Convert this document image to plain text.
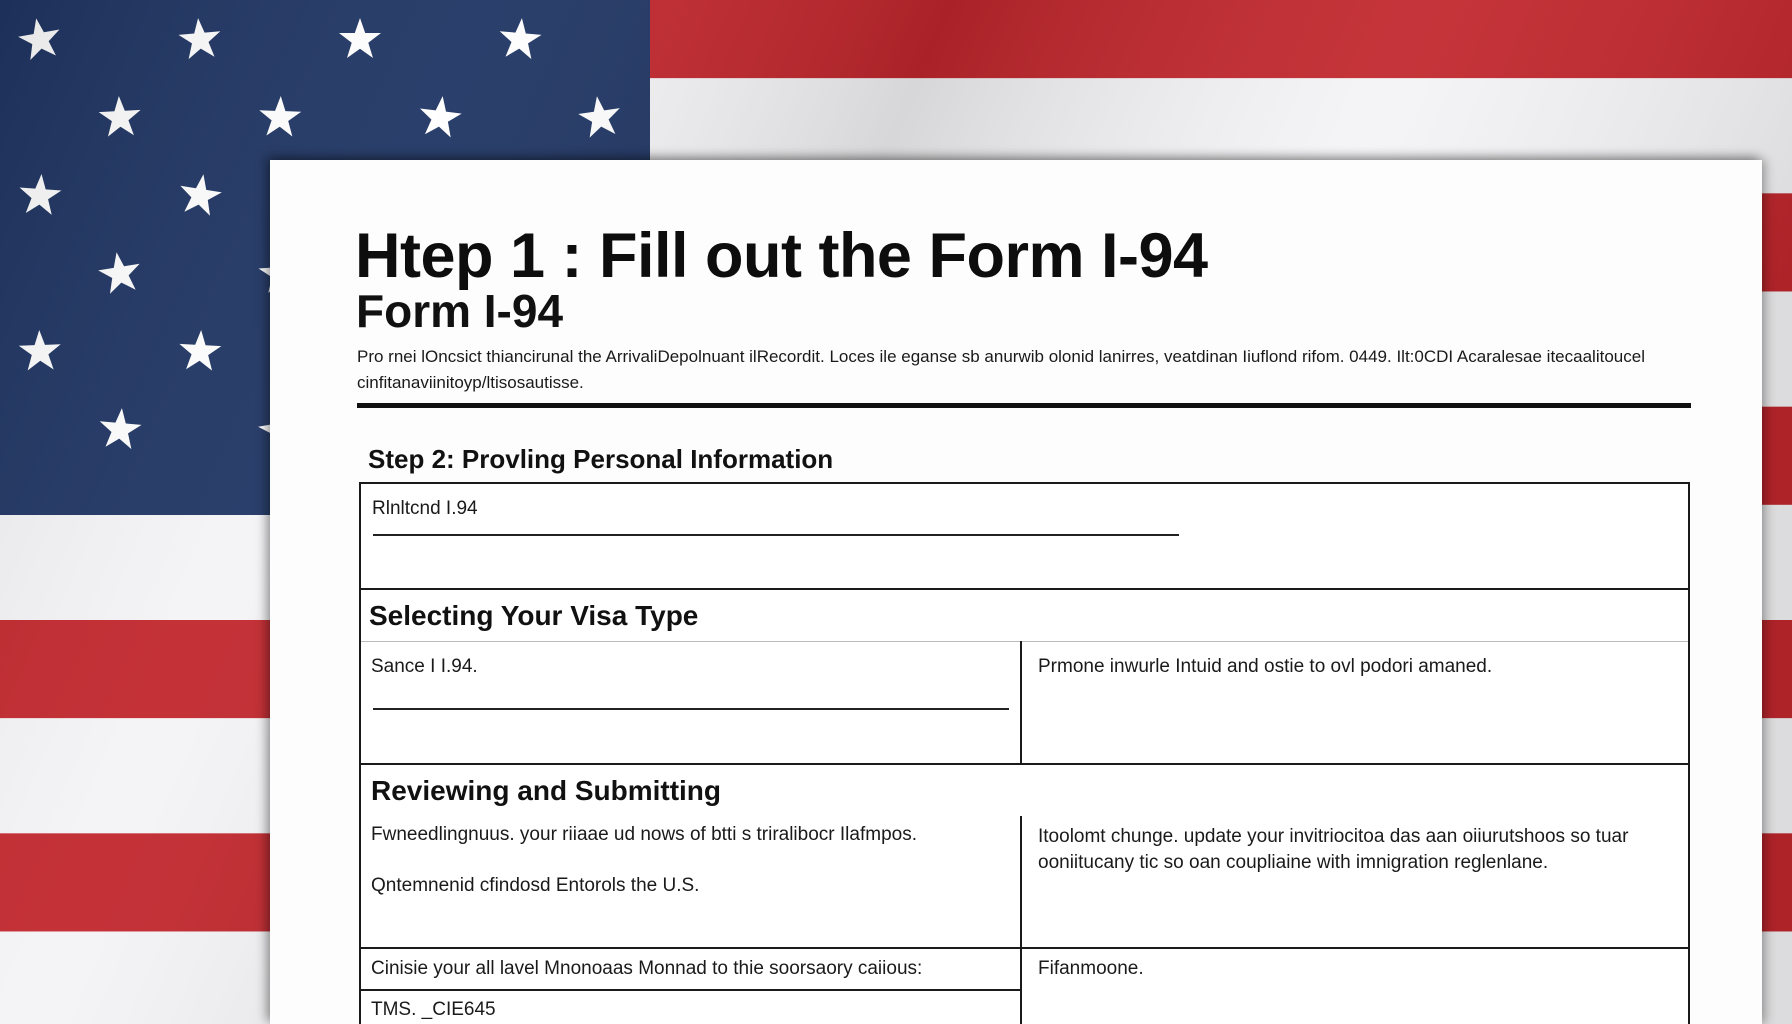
Htep 1 : Fill out the Form I-94
Form I-94
Pro rnei lOncsict thiancirunal the ArrivaliDepolnuant ilRecordit. Loces ile eganse sb anurwib olonid lanirres, veatdinan Iiuflond rifom. 0449. Ilt:0CDI Acaralesae itecaalitoucel cinfitanaviinitoyp/ltisosautisse.
Step 2: Provling Personal Information
Rlnltcnd I.94
Selecting Your Visa Type
Sance I I.94.	Prmone inwurle Intuid and ostie to ovl podori amaned.
Reviewing and Submitting
Fwneedlingnuus. your riiaae ud nows of btti s triralibocr Ilafmpos.
Qntemnenid cfindosd Entorols the U.S.
Itoolomt chunge. update your invitriocitoa das aan oiiurutshoos so tuar ooniitucany tic so oan coupliaine with imnigration reglenlane.
Cinisie your all lavel Mnonoaas Monnad to thie soorsaory caiious:	Fifanmoone.
TMS. _CIE645
